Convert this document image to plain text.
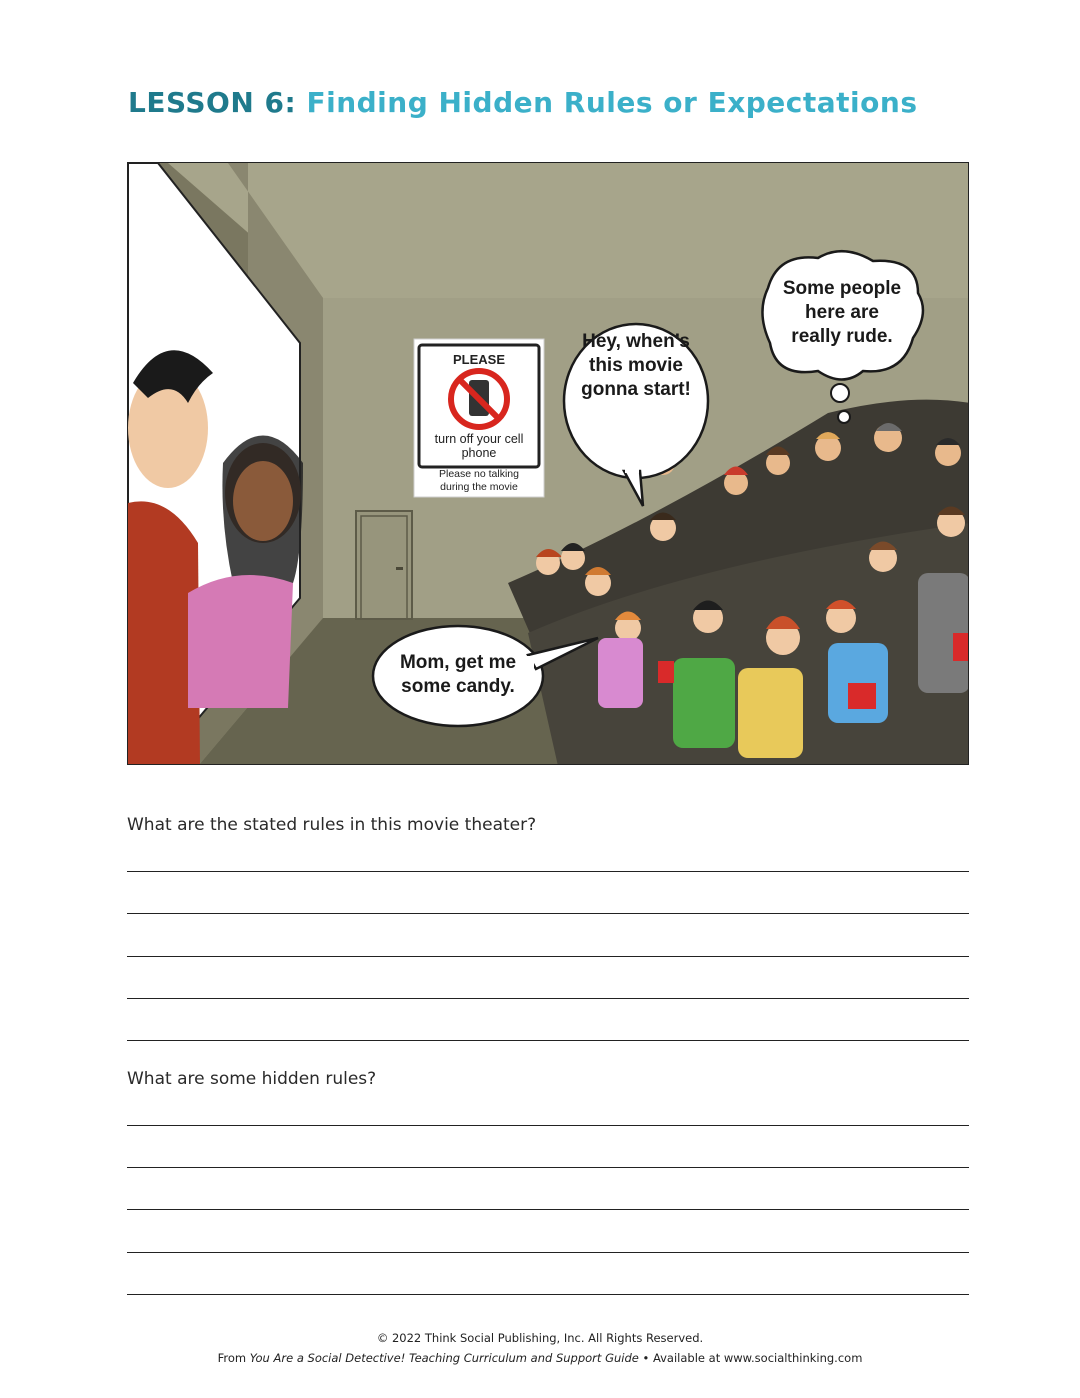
LESSON 6: Finding Hidden Rules or Expectations
PLEASE
turn off your cell phone
Please no talking during the movie
Hey, when’s this movie gonna start!
Some people here are really rude.
Mom, get me some candy.
What are the stated rules in this movie theater?
What are some hidden rules?
© 2022 Think Social Publishing, Inc. All Rights Reserved.
From You Are a Social Detective! Teaching Curriculum and Support Guide • Available at www.socialthinking.com
